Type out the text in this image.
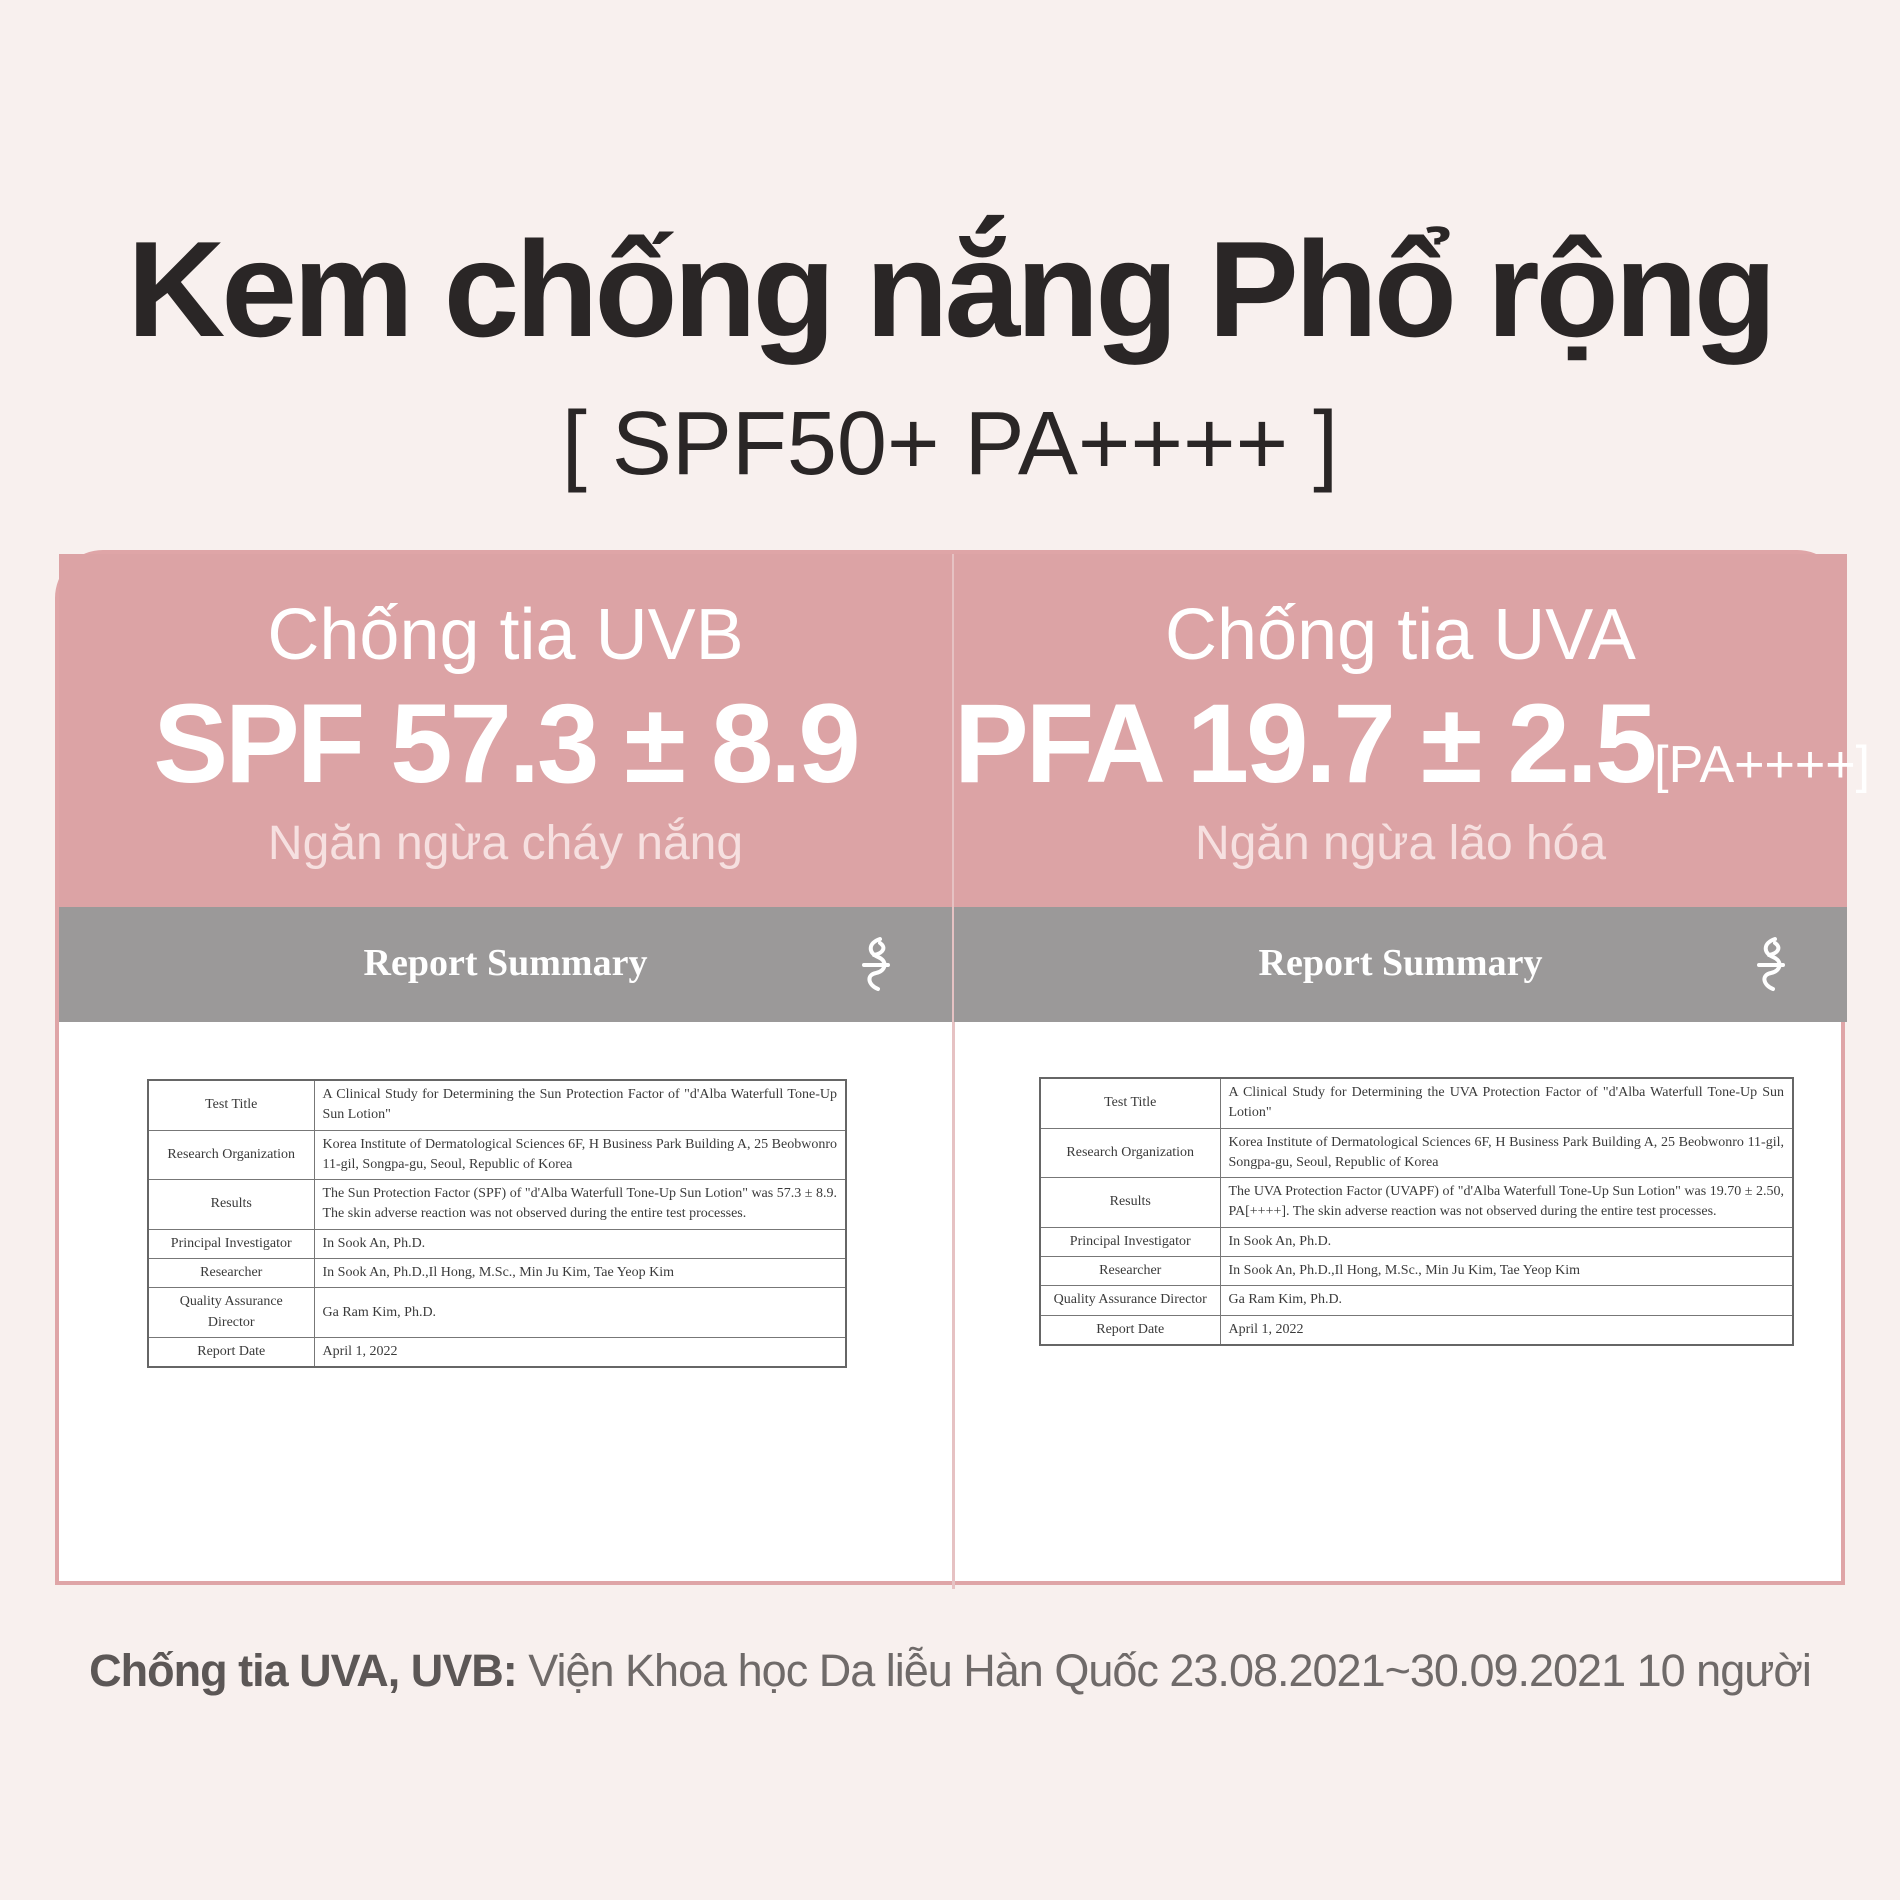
Kem chống nắng Phổ rộng
[ SPF50+ PA++++ ]
Chống tia UVB
SPF 57.3 ± 8.9
Ngăn ngừa cháy nắng
Report Summary
Test Title	A Clinical Study for Determining the Sun Protection Factor of "d'Alba Waterfull Tone-Up Sun Lotion"
Research Organization	Korea Institute of Dermatological Sciences 6F, H Business Park Building A, 25 Beobwonro 11-gil, Songpa-gu, Seoul, Republic of Korea
Results	The Sun Protection Factor (SPF) of "d'Alba Waterfull Tone-Up Sun Lotion" was 57.3 ± 8.9. The skin adverse reaction was not observed during the entire test processes.
Principal Investigator	In Sook An, Ph.D.
Researcher	In Sook An, Ph.D.,Il Hong, M.Sc., Min Ju Kim, Tae Yeop Kim
Quality Assurance Director	Ga Ram Kim, Ph.D.
Report Date	April 1, 2022
Chống tia UVA
PFA 19.7 ± 2.5[PA++++]
Ngăn ngừa lão hóa
Report Summary
Test Title	A Clinical Study for Determining the UVA Protection Factor of "d'Alba Waterfull Tone-Up Sun Lotion"
Research Organization	Korea Institute of Dermatological Sciences 6F, H Business Park Building A, 25 Beobwonro 11-gil, Songpa-gu, Seoul, Republic of Korea
Results	The UVA Protection Factor (UVAPF) of "d'Alba Waterfull Tone-Up Sun Lotion" was 19.70 ± 2.50, PA[++++]. The skin adverse reaction was not observed during the entire test processes.
Principal Investigator	In Sook An, Ph.D.
Researcher	In Sook An, Ph.D.,Il Hong, M.Sc., Min Ju Kim, Tae Yeop Kim
Quality Assurance Director	Ga Ram Kim, Ph.D.
Report Date	April 1, 2022
Chống tia UVA, UVB: Viện Khoa học Da liễu Hàn Quốc 23.08.2021~30.09.2021 10 người
